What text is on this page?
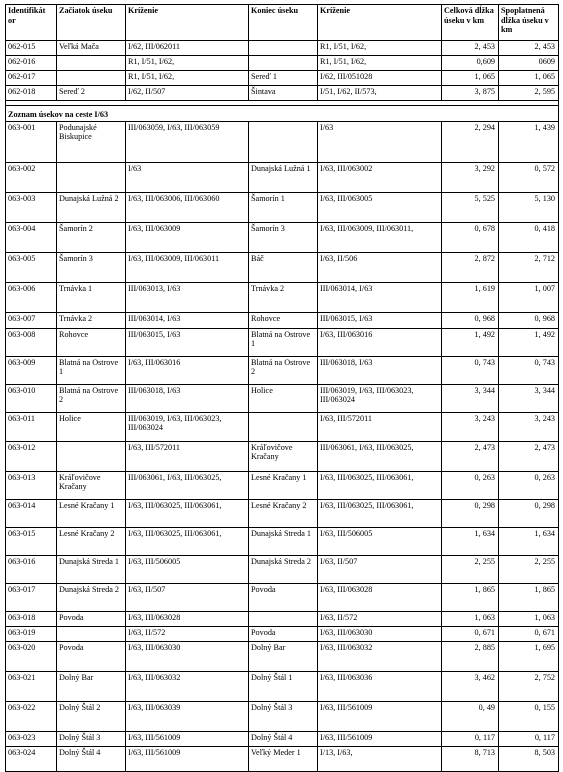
Identifikát or	Začiatok úseku	Kríženie	Koniec úseku	Kríženie	Celková dĺžka úseku v km	Spoplatnená dĺžka úseku v km
062-015	Veľká Mača	I/62, III/062011		R1, I/51, I/62,	2, 453	2, 453
062-016		R1, I/51, I/62,		R1, I/51, I/62,	0,609	0609
062-017		R1, I/51, I/62,	Sereď 1	I/62, III/051028	1, 065	1, 065
062-018	Sereď 2	I/62, II/507	Šintava	I/51, I/62, II/573,	3, 875	2, 595

Zoznam úsekov na ceste I/63						
063-001	Podunajské Biskupice	III/063059, I/63, III/063059		I/63	2, 294	1, 439
063-002		I/63	Dunajská Lužná 1	I/63, III/063002	3, 292	0, 572
063-003	Dunajská Lužná 2	I/63, III/063006, III/063060	Šamorín 1	I/63, III/063005	5, 525	5, 130
063-004	Šamorín 2	I/63, III/063009	Šamorín 3	I/63, III/063009, III/063011,	0, 678	0, 418
063-005	Šamorín 3	I/63, III/063009, III/063011	Báč	I/63, II/506	2, 872	2, 712
063-006	Trnávka 1	III/063013, I/63	Trnávka 2	III/063014, I/63	1, 619	1, 007
063-007	Trnávka 2	III/063014, I/63	Rohovce	III/063015, I/63	0, 968	0, 968
063-008	Rohovce	III/063015, I/63	Blatná na Ostrove 1	I/63, III/063016	1, 492	1, 492
063-009	Blatná na Ostrove 1	I/63, III/063016	Blatná na Ostrove 2	III/063018, I/63	0, 743	0, 743
063-010	Blatná na Ostrove 2	III/063018, I/63	Holice	III/063019, I/63, III/063023, III/063024	3, 344	3, 344
063-011	Holice	III/063019, I/63, III/063023, III/063024		I/63, III/572011	3, 243	3, 243
063-012		I/63, III/572011	Kráľovičove Kračany	III/063061, I/63, III/063025,	2, 473	2, 473
063-013	Kráľovičove Kračany	III/063061, I/63, III/063025,	Lesné Kračany 1	I/63, III/063025, III/063061,	0, 263	0, 263
063-014	Lesné Kračany 1	I/63, III/063025, III/063061,	Lesné Kračany 2	I/63, III/063025, III/063061,	0, 298	0, 298
063-015	Lesné Kračany 2	I/63, III/063025, III/063061,	Dunajská Streda 1	I/63, III/506005	1, 634	1, 634
063-016	Dunajská Streda 1	I/63, III/506005	Dunajská Streda 2	I/63, II/507	2, 255	2, 255
063-017	Dunajská Streda 2	I/63, II/507	Povoda	I/63, III/063028	1, 865	1, 865
063-018	Povoda	I/63, III/063028		I/63, II/572	1, 063	1, 063
063-019		I/63, II/572	Povoda	I/63, III/063030	0, 671	0, 671
063-020	Povoda	I/63, III/063030	Dolný Bar	I/63, III/063032	2, 885	1, 695
063-021	Dolný Bar	I/63, III/063032	Dolný Štál 1	I/63, III/063036	3, 462	2, 752
063-022	Dolný Štál 2	I/63, III/063039	Dolný Štál 3	I/63, III/561009	0, 49	0, 155
063-023	Dolný Štál 3	I/63, III/561009	Dolný Štál 4	I/63, III/561009	0, 117	0, 117
063-024	Dolný Štál 4	I/63, III/561009	Veľký Meder 1	I/13, I/63,	8, 713	8, 503
